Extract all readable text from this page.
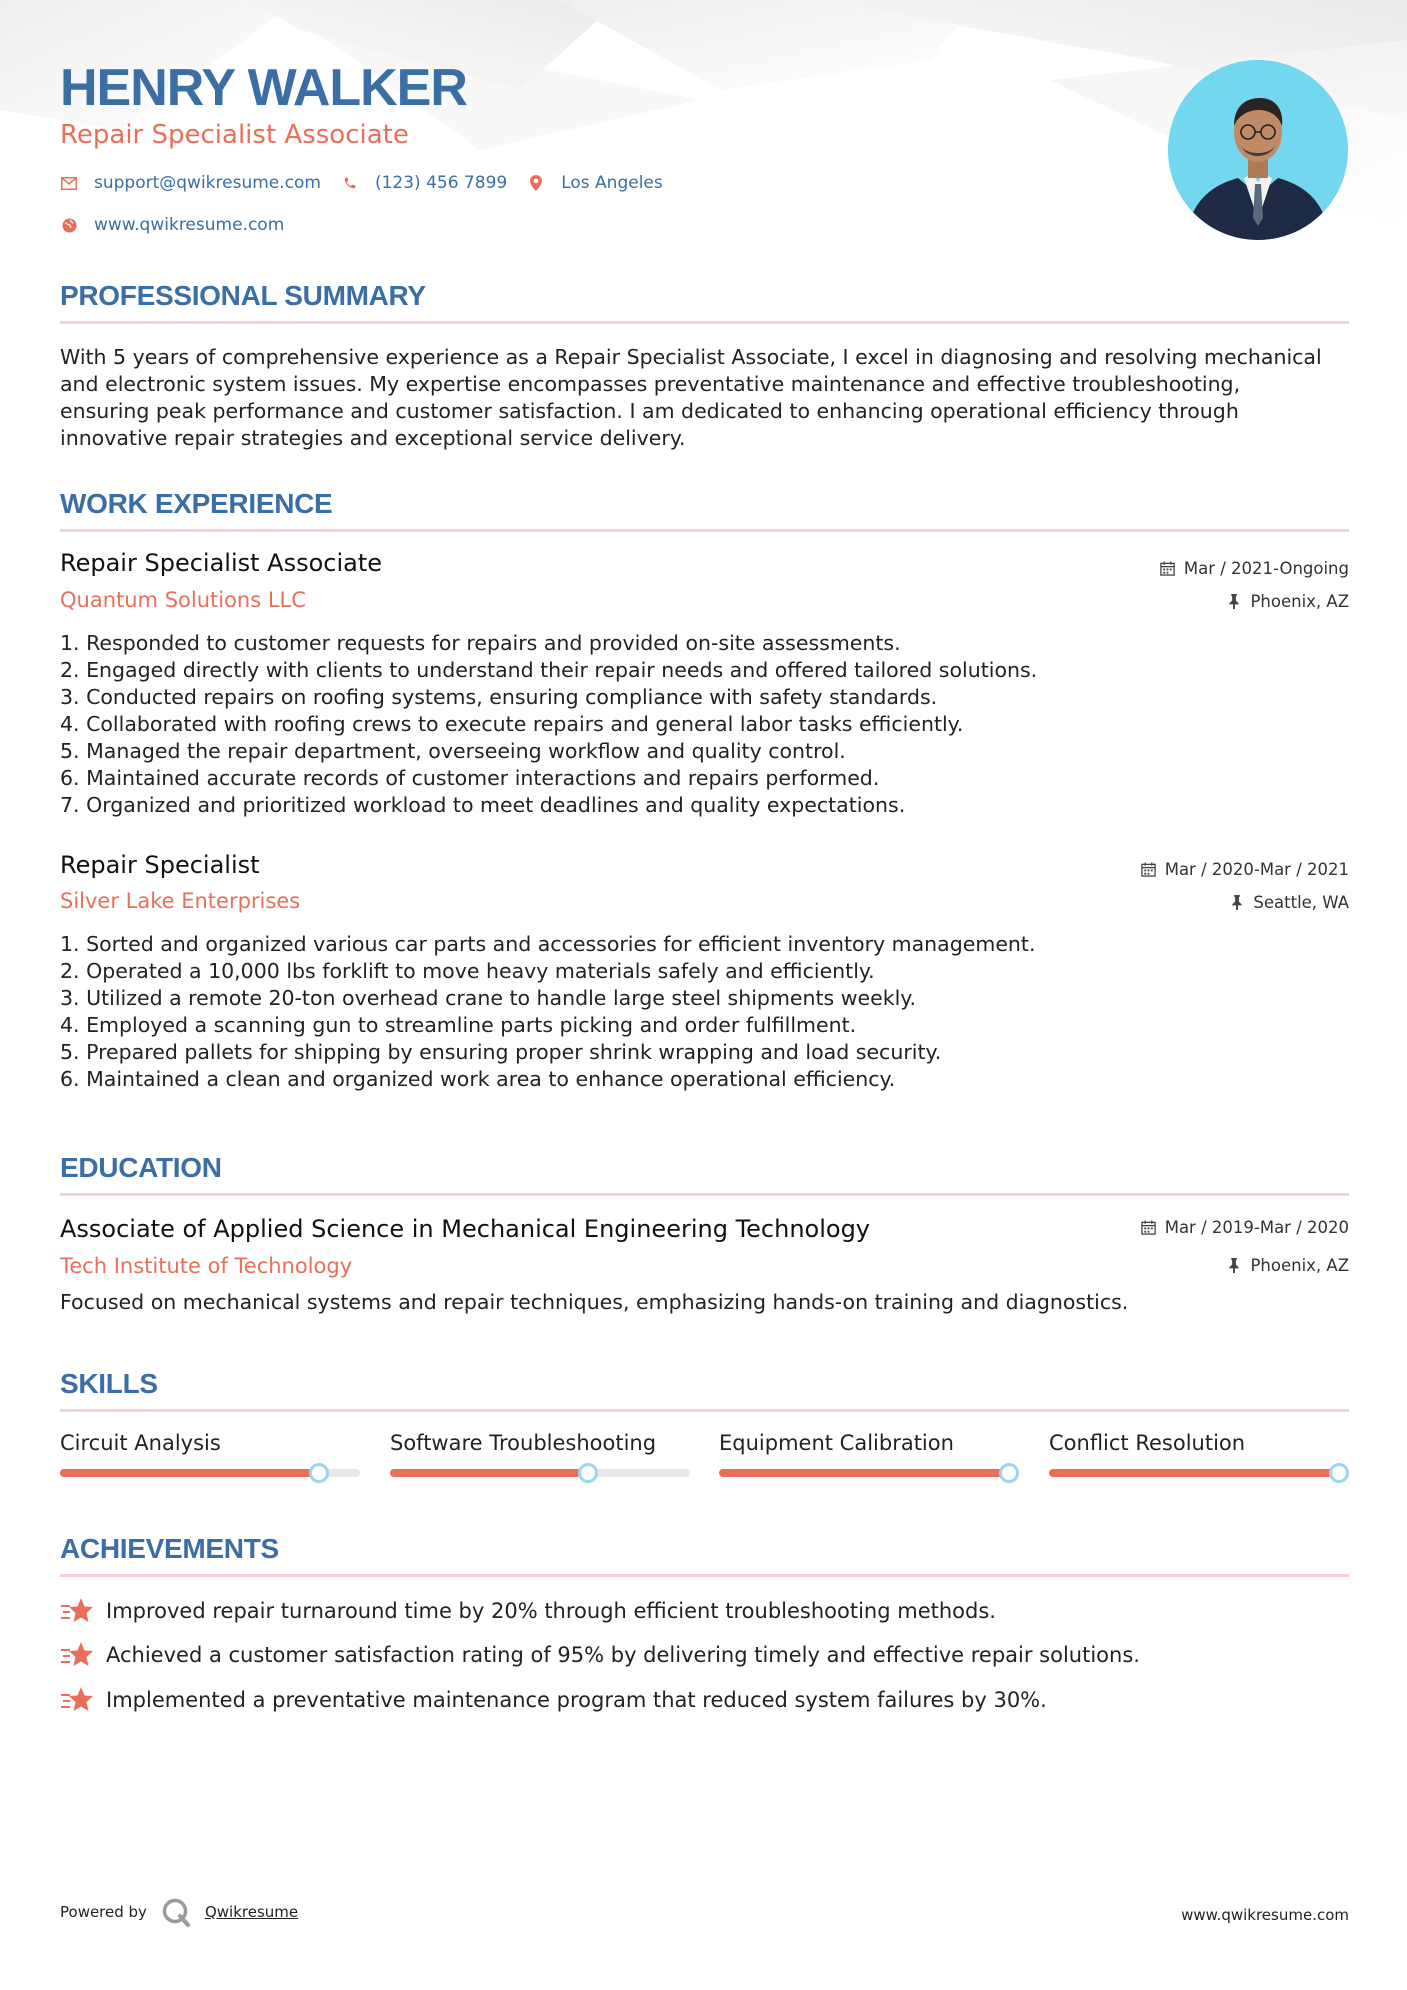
HENRY WALKER
Repair Specialist Associate
support@qwikresume.com	(123) 456 7899	Los Angeles
www.qwikresume.com
PROFESSIONAL SUMMARY
With 5 years of comprehensive experience as a Repair Specialist Associate, I excel in diagnosing and resolving mechanical
and electronic system issues. My expertise encompasses preventative maintenance and effective troubleshooting,
ensuring peak performance and customer satisfaction. I am dedicated to enhancing operational efficiency through
innovative repair strategies and exceptional service delivery.
WORK EXPERIENCE
Repair Specialist Associate	Mar / 2021-Ongoing
Quantum Solutions LLC	Phoenix, AZ
1. Responded to customer requests for repairs and provided on-site assessments.
2. Engaged directly with clients to understand their repair needs and offered tailored solutions.
3. Conducted repairs on roofing systems, ensuring compliance with safety standards.
4. Collaborated with roofing crews to execute repairs and general labor tasks efficiently.
5. Managed the repair department, overseeing workflow and quality control.
6. Maintained accurate records of customer interactions and repairs performed.
7. Organized and prioritized workload to meet deadlines and quality expectations.
Repair Specialist	Mar / 2020-Mar / 2021
Silver Lake Enterprises	Seattle, WA
1. Sorted and organized various car parts and accessories for efficient inventory management.
2. Operated a 10,000 lbs forklift to move heavy materials safely and efficiently.
3. Utilized a remote 20-ton overhead crane to handle large steel shipments weekly.
4. Employed a scanning gun to streamline parts picking and order fulfillment.
5. Prepared pallets for shipping by ensuring proper shrink wrapping and load security.
6. Maintained a clean and organized work area to enhance operational efficiency.
EDUCATION
Associate of Applied Science in Mechanical Engineering Technology	Mar / 2019-Mar / 2020
Tech Institute of Technology	Phoenix, AZ
Focused on mechanical systems and repair techniques, emphasizing hands-on training and diagnostics.
SKILLS
Circuit Analysis	Software Troubleshooting	Equipment Calibration	Conflict Resolution
ACHIEVEMENTS
Improved repair turnaround time by 20% through efficient troubleshooting methods.
Achieved a customer satisfaction rating of 95% by delivering timely and effective repair solutions.
Implemented a preventative maintenance program that reduced system failures by 30%.
Powered by	Qwikresume	www.qwikresume.com
